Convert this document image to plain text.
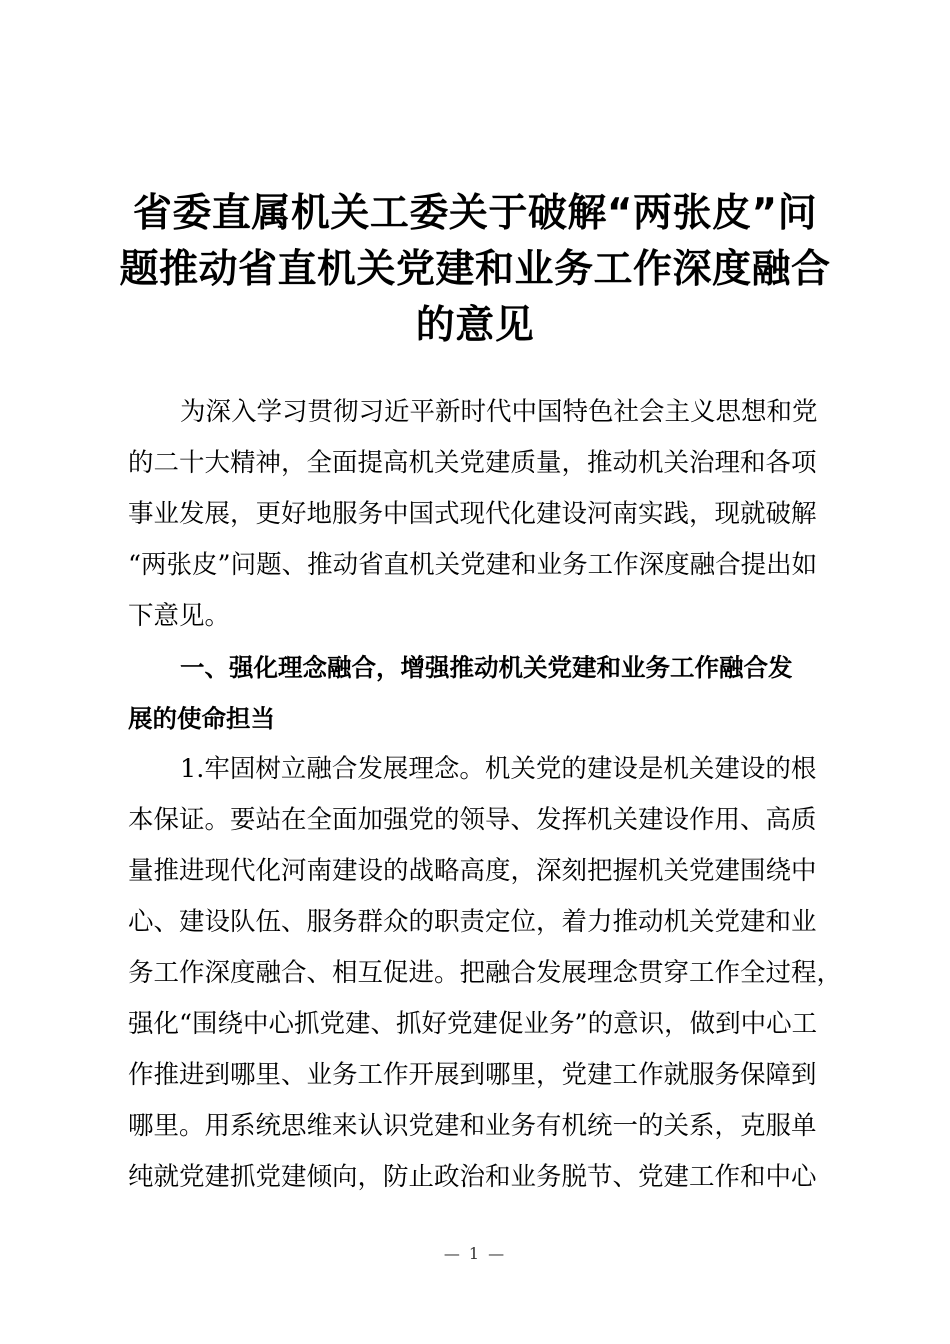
省委直属机关工委关于破解“两张皮”问
题推动省直机关党建和业务工作深度融合
的意见
为深入学习贯彻习近平新时代中国特色社会主义思想和党
的二十大精神，全面提高机关党建质量，推动机关治理和各项
事业发展，更好地服务中国式现代化建设河南实践，现就破解
“两张皮”问题、推动省直机关党建和业务工作深度融合提出如
下意见。
一、强化理念融合，增强推动机关党建和业务工作融合发
展的使命担当
1.牢固树立融合发展理念。机关党的建设是机关建设的根
本保证。要站在全面加强党的领导、发挥机关建设作用、高质
量推进现代化河南建设的战略高度，深刻把握机关党建围绕中
心、建设队伍、服务群众的职责定位，着力推动机关党建和业
务工作深度融合、相互促进。把融合发展理念贯穿工作全过程，
强化“围绕中心抓党建、抓好党建促业务”的意识，做到中心工
作推进到哪里、业务工作开展到哪里，党建工作就服务保障到
哪里。用系统思维来认识党建和业务有机统一的关系，克服单
纯就党建抓党建倾向，防止政治和业务脱节、党建工作和中心
— 1 —
